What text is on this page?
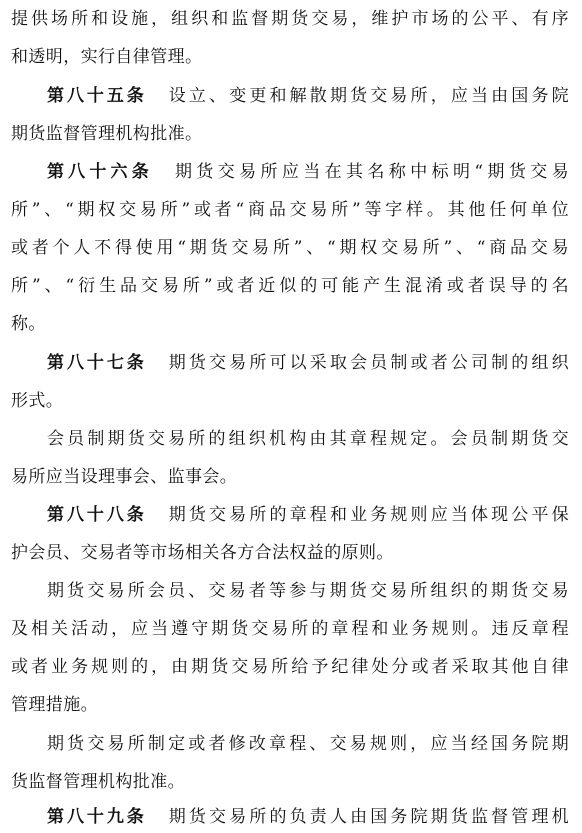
提供场所和设施，组织和监督期货交易，维护市场的公平、有序
和透明，实行自律管理。
第八十五条 设立、变更和解散期货交易所，应当由国务院
期货监督管理机构批准。
第八十六条 期货交易所应当在其名称中标明“期货交易
所”、“期权交易所”或者“商品交易所”等字样。其他任何单位
或者个人不得使用“期货交易所”、“期权交易所”、“商品交易
所”、“衍生品交易所”或者近似的可能产生混淆或者误导的名
称。
第八十七条 期货交易所可以采取会员制或者公司制的组织
形式。
会员制期货交易所的组织机构由其章程规定。会员制期货交
易所应当设理事会、监事会。
第八十八条 期货交易所的章程和业务规则应当体现公平保
护会员、交易者等市场相关各方合法权益的原则。
期货交易所会员、交易者等参与期货交易所组织的期货交易
及相关活动，应当遵守期货交易所的章程和业务规则。违反章程
或者业务规则的，由期货交易所给予纪律处分或者采取其他自律
管理措施。
期货交易所制定或者修改章程、交易规则，应当经国务院期
货监督管理机构批准。
第八十九条 期货交易所的负责人由国务院期货监督管理机
